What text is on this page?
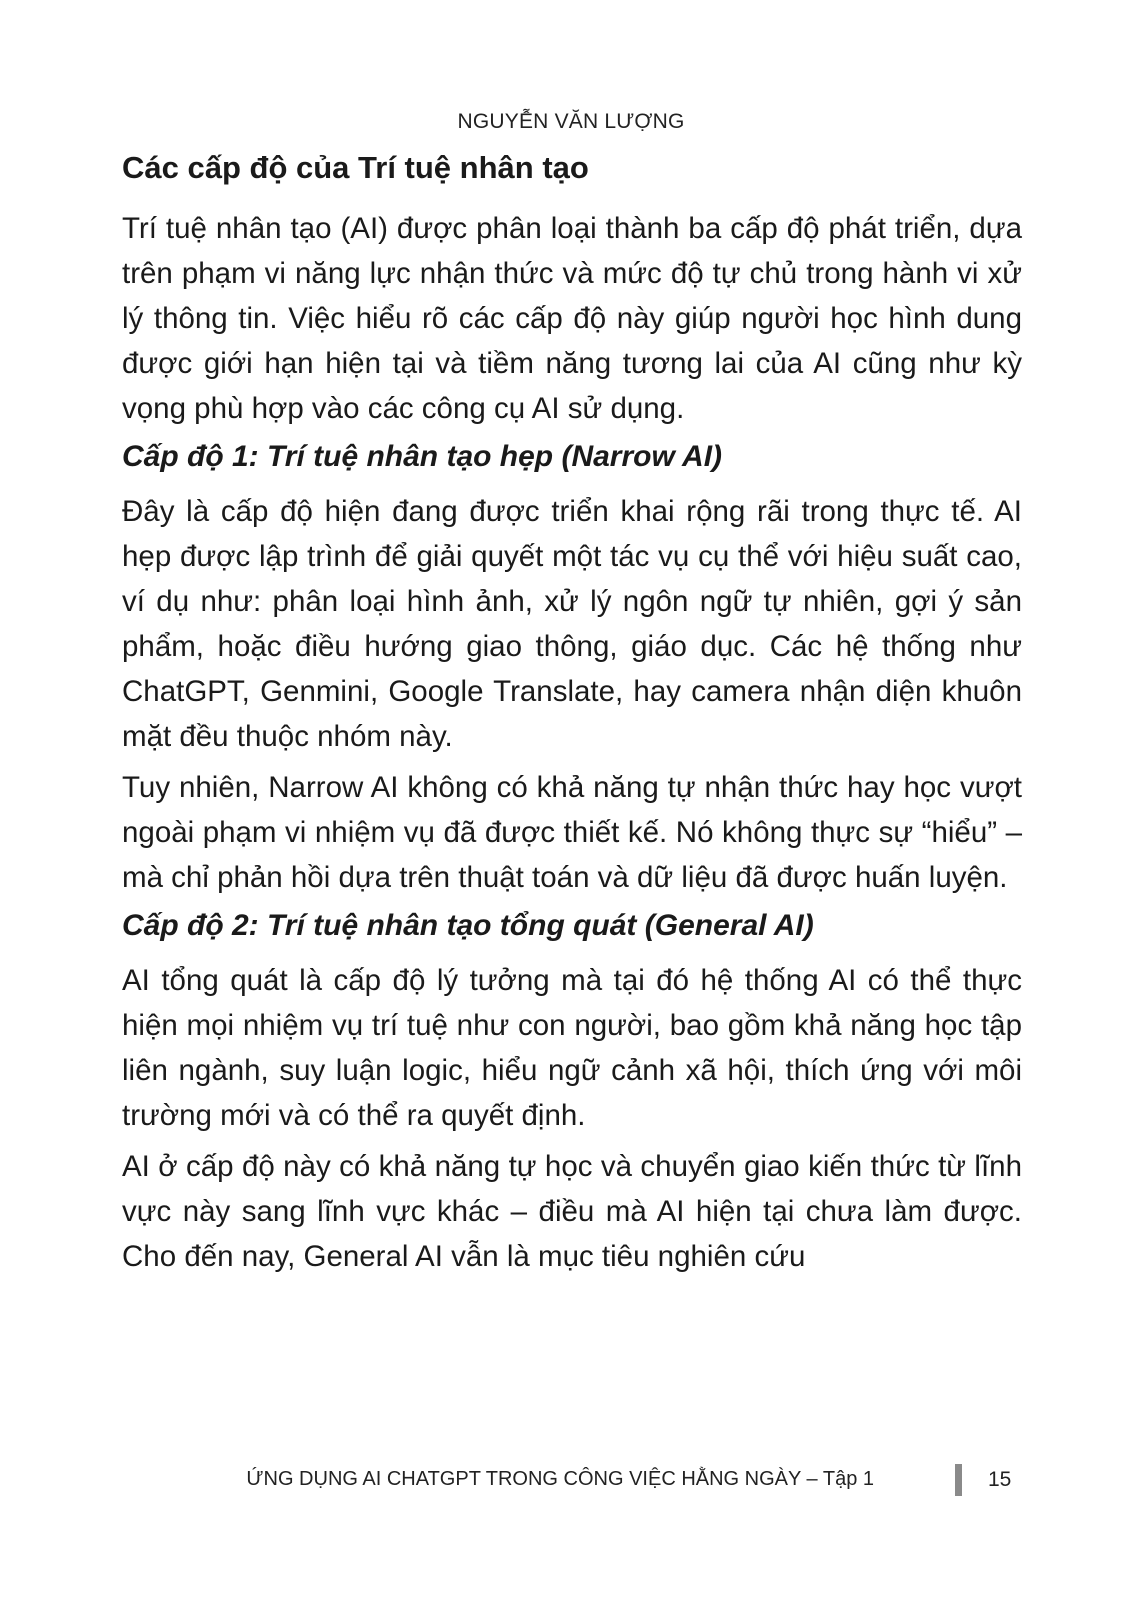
NGUYỄN VĂN LƯỢNG
Các cấp độ của Trí tuệ nhân tạo

Trí tuệ nhân tạo (AI) được phân loại thành ba cấp độ phát triển, dựa trên phạm vi năng lực nhận thức và mức độ tự chủ trong hành vi xử lý thông tin. Việc hiểu rõ các cấp độ này giúp người học hình dung được giới hạn hiện tại và tiềm năng tương lai của AI cũng như kỳ vọng phù hợp vào các công cụ AI sử dụng.

Cấp độ 1: Trí tuệ nhân tạo hẹp (Narrow AI)

Đây là cấp độ hiện đang được triển khai rộng rãi trong thực tế. AI hẹp được lập trình để giải quyết một tác vụ cụ thể với hiệu suất cao, ví dụ như: phân loại hình ảnh, xử lý ngôn ngữ tự nhiên, gợi ý sản phẩm, hoặc điều hướng giao thông, giáo dục. Các hệ thống như ChatGPT, Genmini, Google Translate, hay camera nhận diện khuôn mặt đều thuộc nhóm này.

Tuy nhiên, Narrow AI không có khả năng tự nhận thức hay học vượt ngoài phạm vi nhiệm vụ đã được thiết kế. Nó không thực sự “hiểu” – mà chỉ phản hồi dựa trên thuật toán và dữ liệu đã được huấn luyện.

Cấp độ 2: Trí tuệ nhân tạo tổng quát (General AI)

AI tổng quát là cấp độ lý tưởng mà tại đó hệ thống AI có thể thực hiện mọi nhiệm vụ trí tuệ như con người, bao gồm khả năng học tập liên ngành, suy luận logic, hiểu ngữ cảnh xã hội, thích ứng với môi trường mới và có thể ra quyết định.

AI ở cấp độ này có khả năng tự học và chuyển giao kiến thức từ lĩnh vực này sang lĩnh vực khác – điều mà AI hiện tại chưa làm được. Cho đến nay, General AI vẫn là mục tiêu nghiên cứu

ỨNG DỤNG AI CHATGPT TRONG CÔNG VIỆC HẰNG NGÀY – Tập 1	15
